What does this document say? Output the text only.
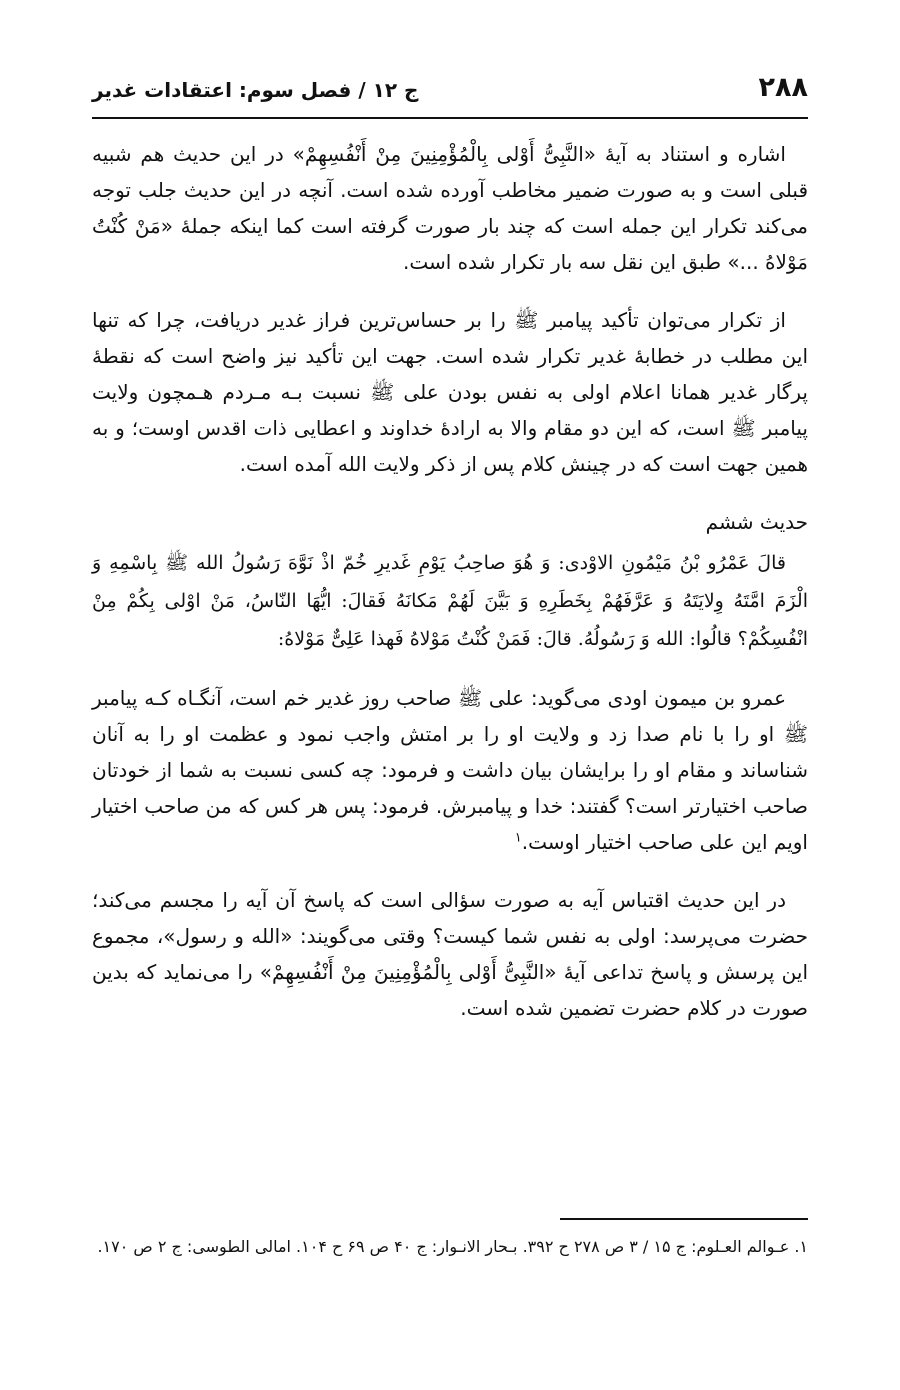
۲۸۸
ج ۱۲ / فصل سوم: اعتقادات غدیر

اشاره و استناد به آیهٔ «النَّبِیُّ أَوْلی بِالْمُؤْمِنِینَ مِنْ أَنْفُسِهِمْ» در این حدیث هم شبیه قبلی است و به صورت ضمیر مخاطب آورده شده است. آنچه در این حدیث جلب توجه می‌کند تکرار این جمله است که چند بار صورت گرفته است کما اینکه جملهٔ «مَنْ کُنْتُ مَوْلاهُ ...» طبق این نقل سه بار تکرار شده است.

از تکرار می‌توان تأکید پیامبر ﷺ را بر حساس‌ترین فراز غدیر دریافت، چرا که تنها این مطلب در خطابهٔ غدیر تکرار شده است. جهت این تأکید نیز واضح است که نقطهٔ پرگار غدیر همانا اعلام اولی به نفس بودن علی ﷺ نسبت بـه مـردم هـمچون ولایت پیامبر ﷺ است، که این دو مقام والا به ارادهٔ خداوند و اعطایی ذات اقدس اوست؛ و به همین جهت است که در چینش کلام پس از ذکر ولایت الله آمده است.

حدیث ششم

قالَ عَمْرُو بْنُ مَیْمُونِ الاوْدی: وَ هُوَ صاحِبُ یَوْمِ غَدیرِ خُمّ اذْ نَوَّهَ رَسُولُ الله ﷺ بِاسْمِهِ وَ الْزَمَ امَّتَهُ وِلایَتَهُ وَ عَرَّفَهُمْ بِخَطَرِهِ وَ بَیَّنَ لَهُمْ مَکانَهُ فَقالَ: ایُّهَا النّاسُ، مَنْ اوْلی بِکُمْ مِنْ انْفُسِکُمْ؟ قالُوا: الله وَ رَسُولُهُ. قالَ: فَمَنْ کُنْتُ مَوْلاهُ فَهذا عَلِیٌّ مَوْلاهُ:

عمرو بن میمون اودی می‌گوید: علی ﷺ صاحب روز غدیر خم است، آنگـاه کـه پیامبر ﷺ او را با نام صدا زد و ولایت او را بر امتش واجب نمود و عظمت او را به آنان شناساند و مقام او را برایشان بیان داشت و فرمود: چه کسی نسبت به شما از خودتان صاحب اختیارتر است؟ گفتند: خدا و پیامبرش. فرمود: پس هر کس که من صاحب اختیار اویم این علی صاحب اختیار اوست.$^۱$

در این حدیث اقتباس آیه به صورت سؤالی است که پاسخ آن آیه را مجسم می‌کند؛ حضرت می‌پرسد: اولی به نفس شما کیست؟ وقتی می‌گویند: «الله و رسول»، مجموع این پرسش و پاسخ تداعی آیهٔ «النَّبِیُّ أَوْلی بِالْمُؤْمِنِینَ مِنْ أَنْفُسِهِمْ» را می‌نماید که بدین صورت در کلام حضرت تضمین شده است.

۱. عـوالم العـلوم: ج ۱۵ / ۳ ص ۲۷۸ ح ۳۹۲. بـحار الانـوار: ج ۴۰ ص ۶۹ ح ۱۰۴. امالی الطوسی: ج ۲ ص ۱۷۰.
